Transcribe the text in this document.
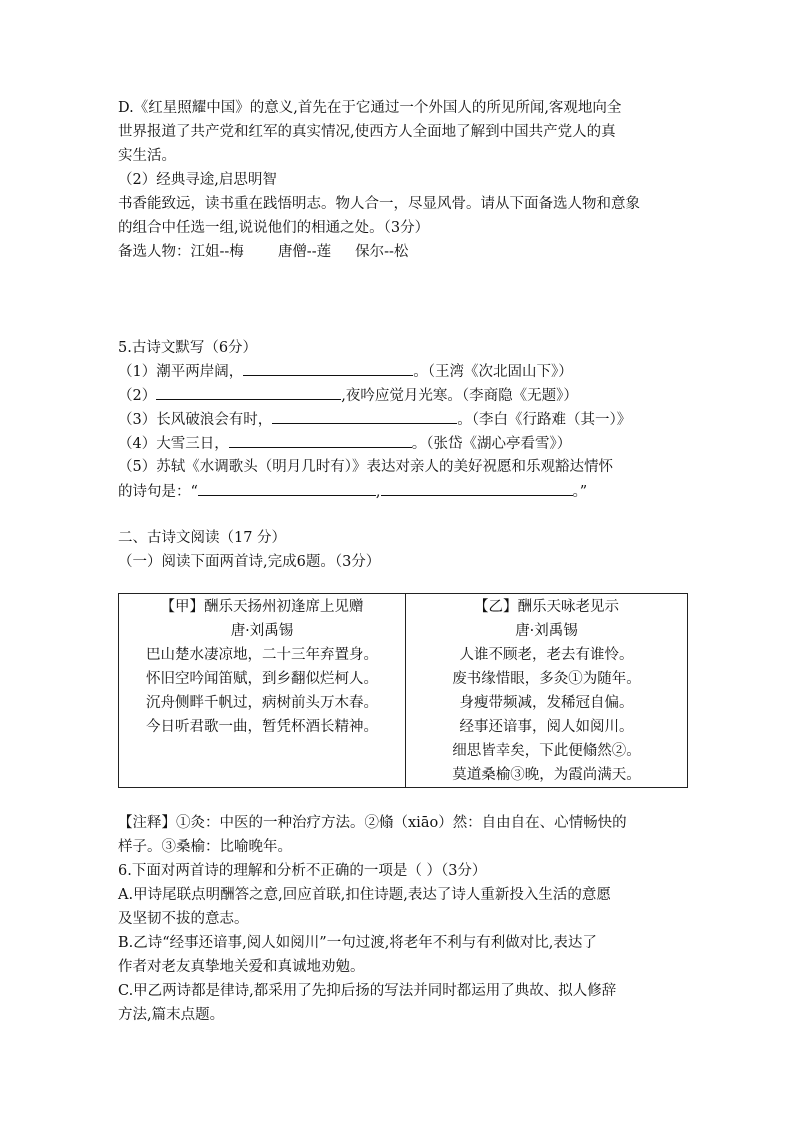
D.《红星照耀中国》的意义,首先在于它通过一个外国人的所见所闻,客观地向全
世界报道了共产党和红军的真实情况,使西方人全面地了解到中国共产党人的真
实生活。
（2）经典寻途,启思明智
书香能致远，读书重在践悟明志。物人合一，尽显风骨。请从下面备选人物和意象
的组合中任选一组,说说他们的相通之处。（3分）
备选人物：江姐--梅 唐僧--莲 保尔--松
5.古诗文默写（6分）
（1）潮平两岸阔，	。（王湾《次北固山下》）
（2）	,夜吟应觉月光寒。（李商隐《无题》）
（3）长风破浪会有时，	。（李白《行路难（其一）》
（4）大雪三日，	。（张岱《湖心亭看雪》）
（5）苏轼《水调歌头（明月几时有）》表达对亲人的美好祝愿和乐观豁达情怀
的诗句是：“	,	。”
二、古诗文阅读（17 分）
（一）阅读下面两首诗,完成6题。（3分）
【甲】酬乐天扬州初逢席上见赠
唐·刘禹锡
巴山楚水凄凉地，二十三年弃置身。
怀旧空吟闻笛赋，到乡翻似烂柯人。
沉舟侧畔千帆过，病树前头万木春。
今日听君歌一曲，暂凭杯酒长精神。

【乙】酬乐天咏老见示
唐·刘禹锡
人谁不顾老，老去有谁怜。
废书缘惜眼，多灸①为随年。
身瘦带频减，发稀冠自偏。
经事还谙事，阅人如阅川。
细思皆幸矣，下此便翛然②。
莫道桑榆③晚，为霞尚满天。
【注释】①灸：中医的一种治疗方法。②翛（xiāo）然：自由自在、心情畅快的
样子。③桑榆：比喻晚年。
6.下面对两首诗的理解和分析不正确的一项是（ ）（3分）
A.甲诗尾联点明酬答之意,回应首联,扣住诗题,表达了诗人重新投入生活的意愿
及坚韧不拔的意志。
B.乙诗“经事还谙事,阅人如阅川”一句过渡,将老年不利与有利做对比,表达了
作者对老友真挚地关爱和真诚地劝勉。
C.甲乙两诗都是律诗,都采用了先抑后扬的写法并同时都运用了典故、拟人修辞
方法,篇末点题。
